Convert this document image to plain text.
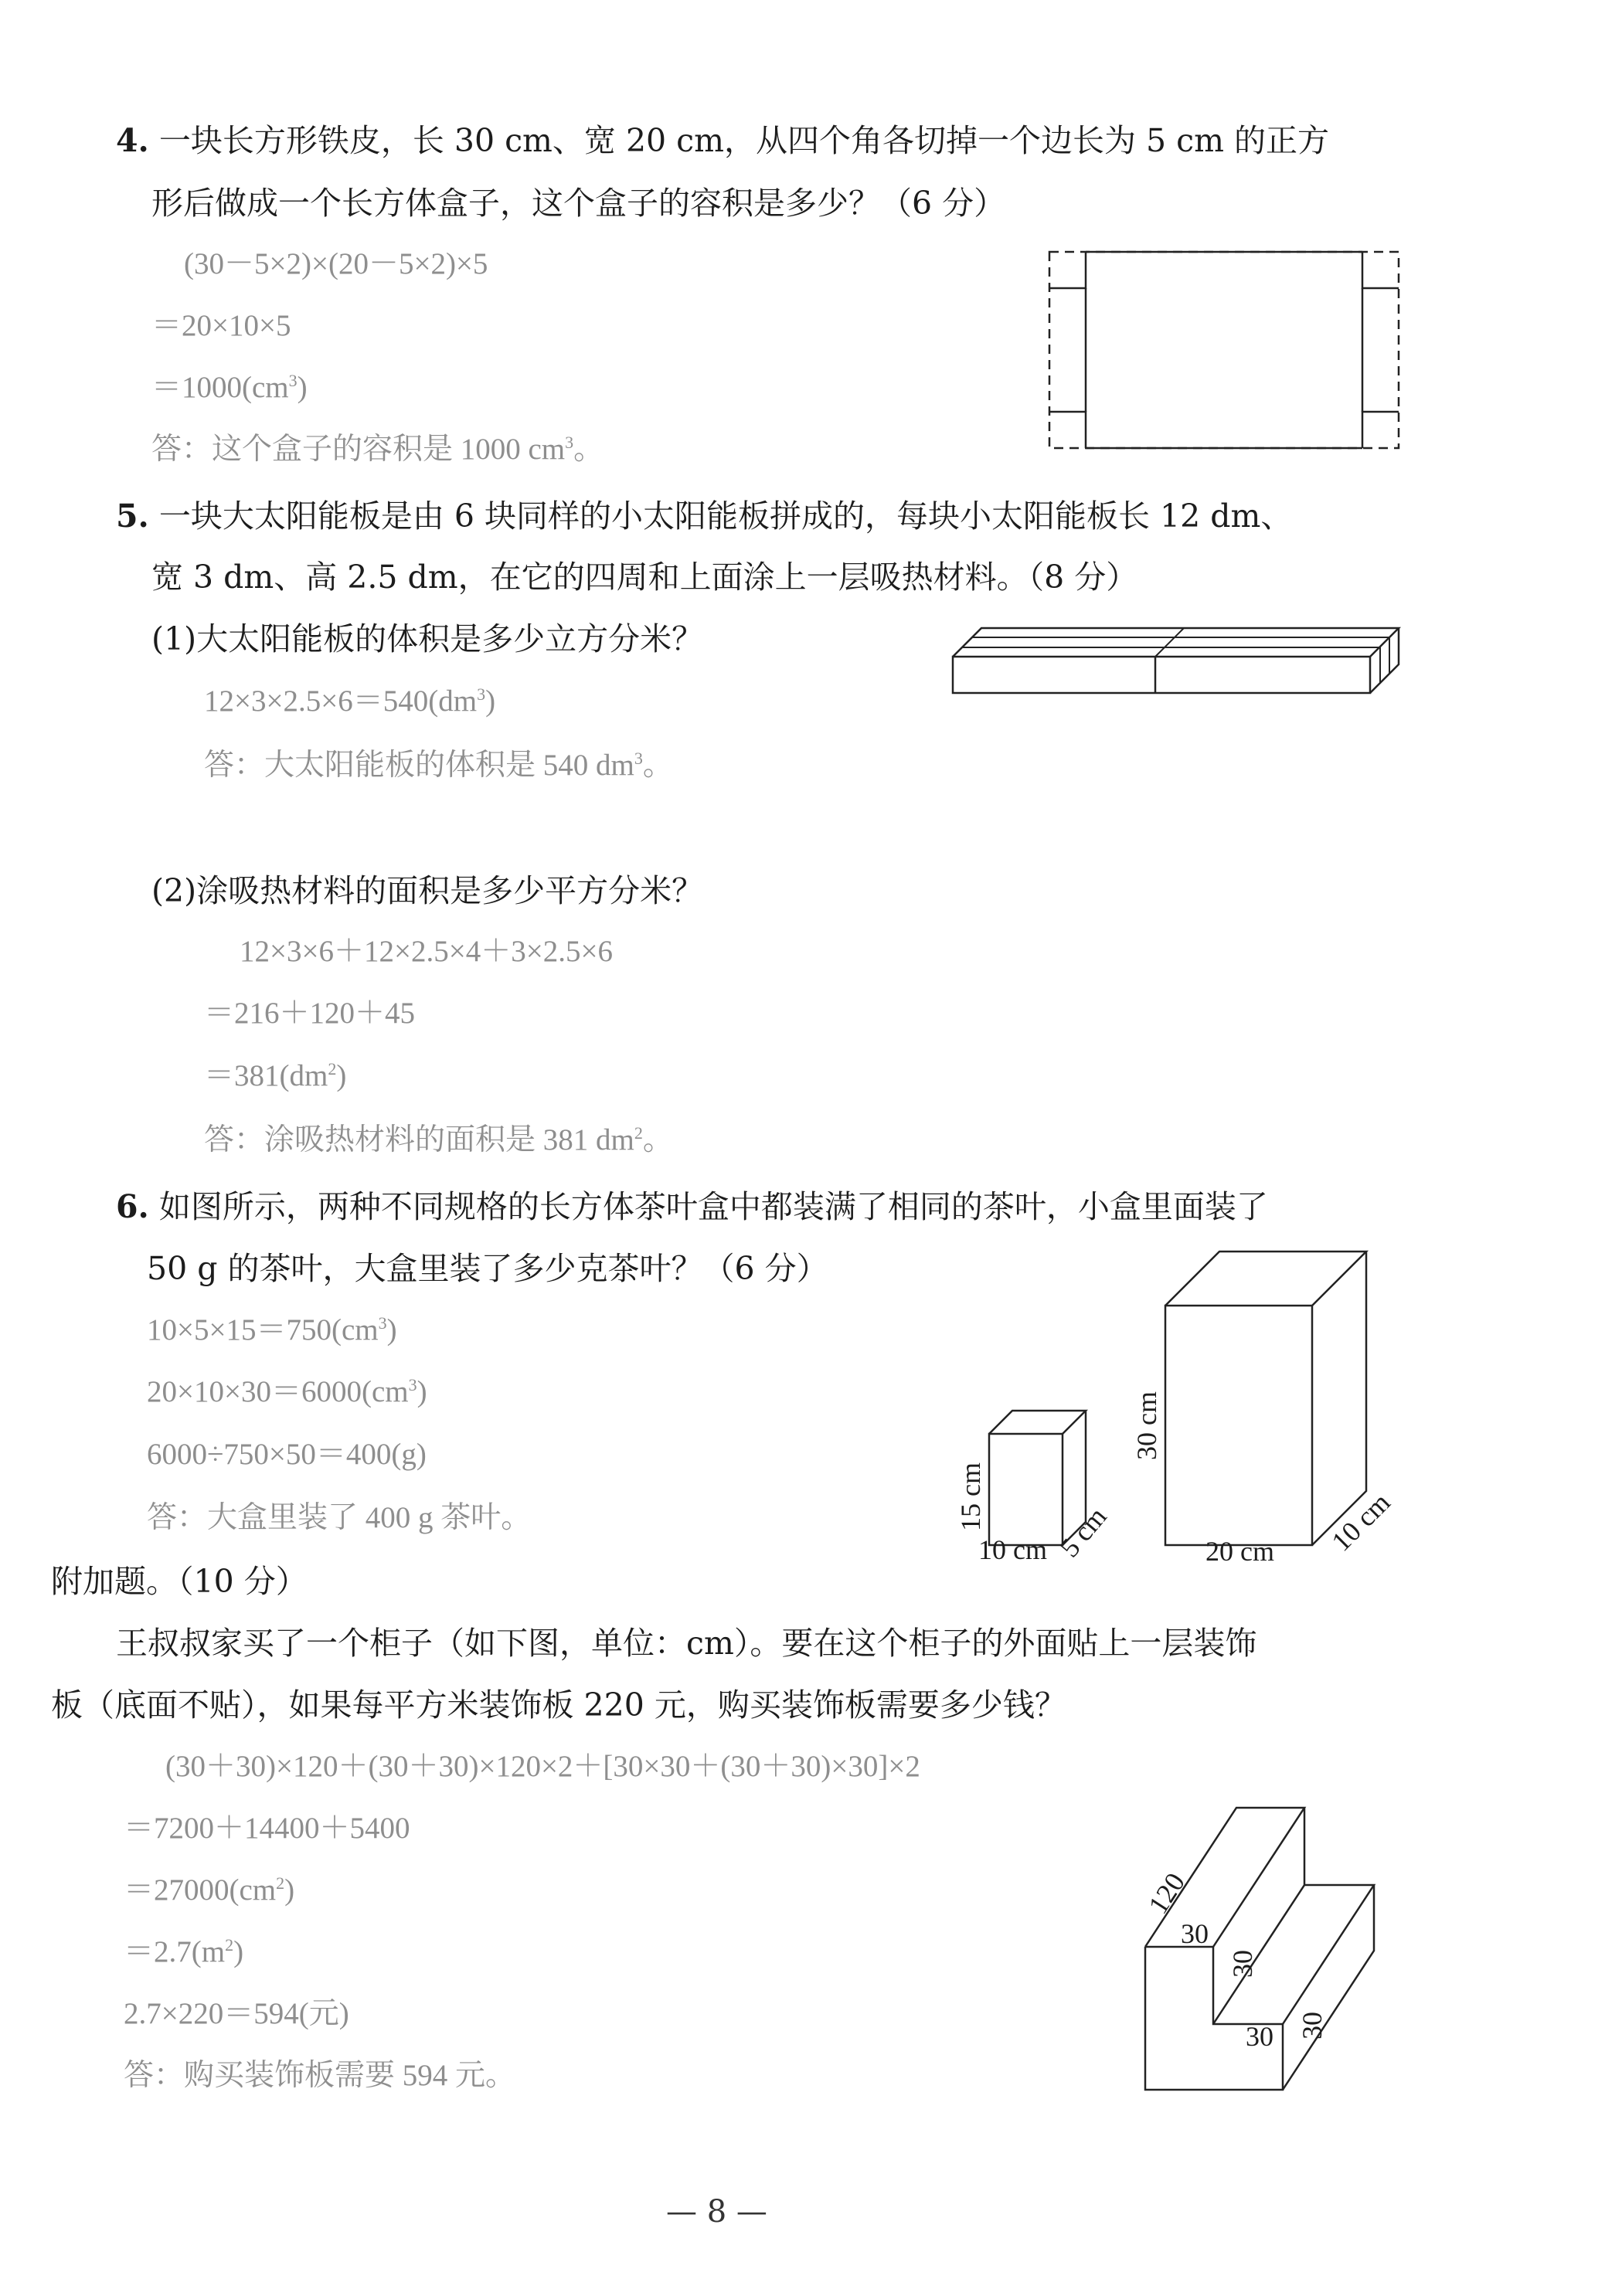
4. 一块长方形铁皮，长 30 cm、宽 20 cm，从四个角各切掉一个边长为 5 cm 的正方
形后做成一个长方体盒子，这个盒子的容积是多少？（6 分）
(30－5×2)×(20－5×2)×5
＝20×10×5
$=1000(cm^3)$
答：这个盒子的容积是 1000 $cm^3$。
5. 一块大太阳能板是由 6 块同样的小太阳能板拼成的，每块小太阳能板长 12 dm、
宽 3 dm、高 2.5 dm，在它的四周和上面涂上一层吸热材料。（8 分）
(1)大太阳能板的体积是多少立方分米？
$12\times 3\times 2.5\times 6=540(dm^3)$
答：大太阳能板的体积是 540 $dm^3$。
(2)涂吸热材料的面积是多少平方分米？
12×3×6＋12×2.5×4＋3×2.5×6
＝216＋120＋45
$=381(dm^2)$
答：涂吸热材料的面积是 381 $dm^2$。
6. 如图所示，两种不同规格的长方体茶叶盒中都装满了相同的茶叶，小盒里面装了
50 g 的茶叶，大盒里装了多少克茶叶？（6 分）
$10\times 5\times 15=750(cm^3)$
$20\times 10\times 30=6000(cm^3)$
6000÷750×50＝400(g)
答：大盒里装了 400 g 茶叶。	15 cm
10 cm 5 cm
30 cm
20 cm 10 cm
附加题。（10 分）
王叔叔家买了一个柜子（如下图，单位：cm）。要在这个柜子的外面贴上一层装饰
板（底面不贴），如果每平方米装饰板 220 元，购买装饰板需要多少钱？
(30＋30)×120＋(30＋30)×120×2＋[30×30＋(30＋30)×30]×2
＝7200＋14400＋5400
$=27000(cm^2)$
$=2.7(m^2)$
2.7×220＝594(元)
答：购买装饰板需要 594 元。
120
30
30
30 30
— 8 —
